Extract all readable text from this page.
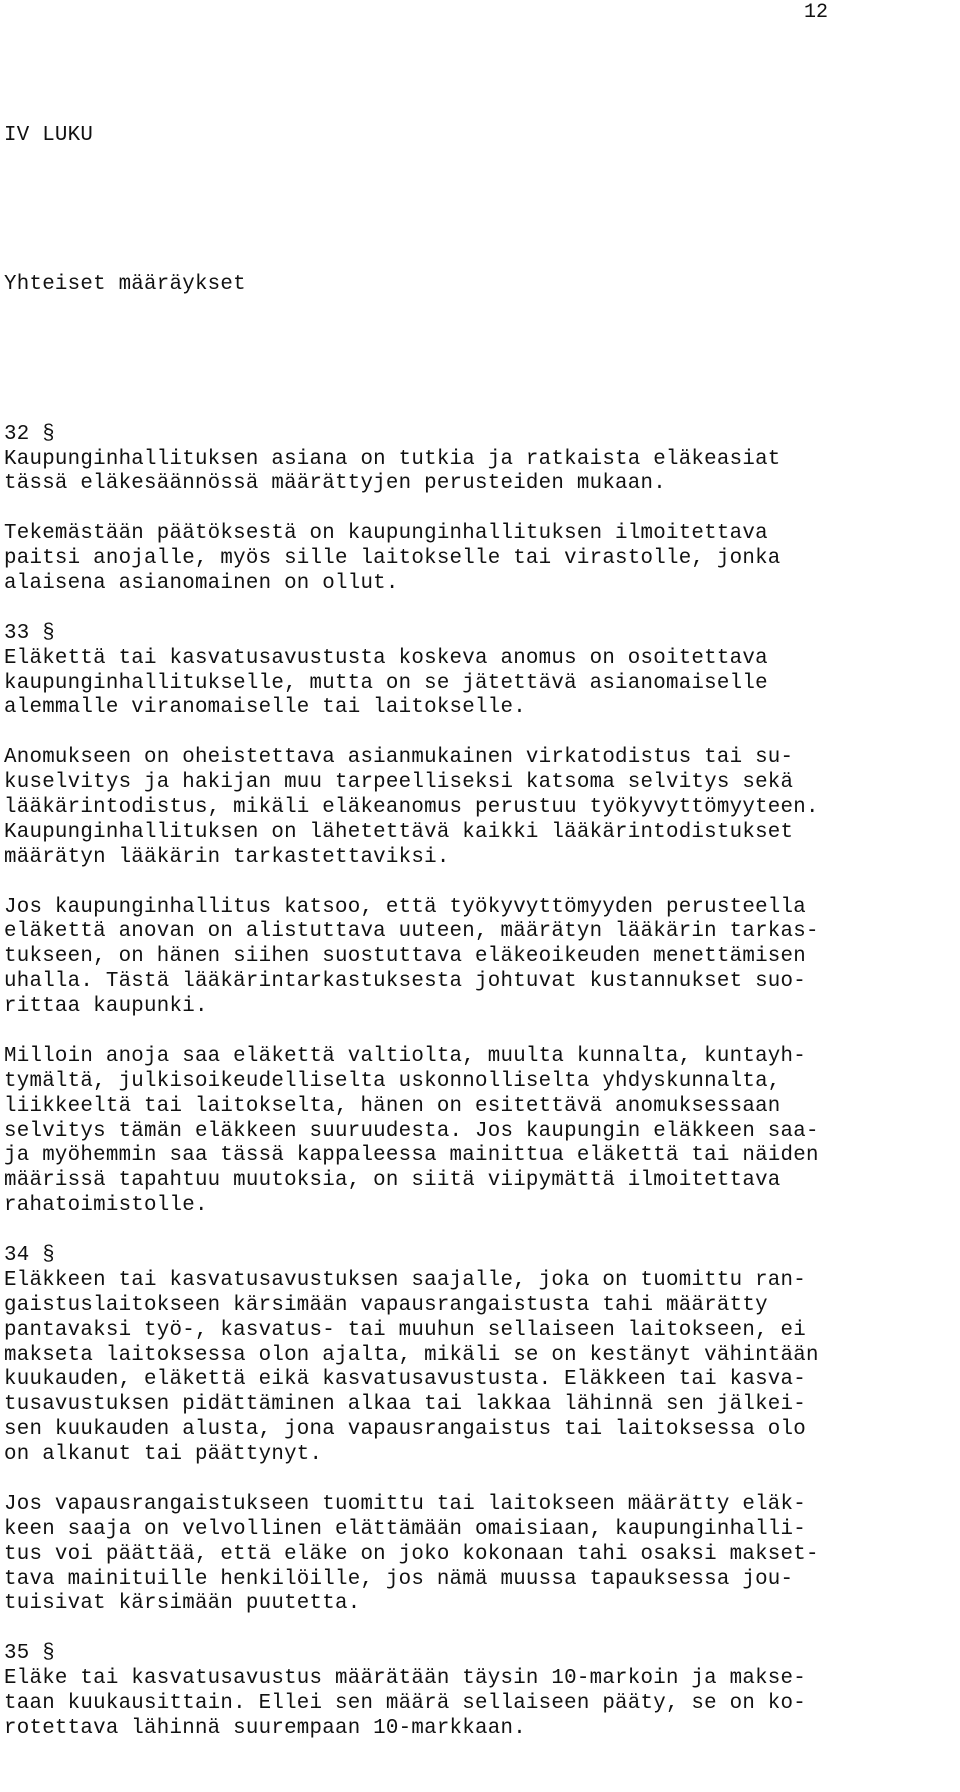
12

IV LUKU

Yhteiset määräykset

32 §
Kaupunginhallituksen asiana on tutkia ja ratkaista eläkeasiat
tässä eläkesäännössä määrättyjen perusteiden mukaan.
Tekemästään päätöksestä on kaupunginhallituksen ilmoitettava
paitsi anojalle, myös sille laitokselle tai virastolle, jonka
alaisena asianomainen on ollut.
33 §
Eläkettä tai kasvatusavustusta koskeva anomus on osoitettava
kaupunginhallitukselle, mutta on se jätettävä asianomaiselle
alemmalle viranomaiselle tai laitokselle.
Anomukseen on oheistettava asianmukainen virkatodistus tai su-
kuselvitys ja hakijan muu tarpeelliseksi katsoma selvitys sekä
lääkärintodistus, mikäli eläkeanomus perustuu työkyvyttömyyteen.
Kaupunginhallituksen on lähetettävä kaikki lääkärintodistukset
määrätyn lääkärin tarkastettaviksi.
Jos kaupunginhallitus katsoo, että työkyvyttömyyden perusteella
eläkettä anovan on alistuttava uuteen, määrätyn lääkärin tarkas-
tukseen, on hänen siihen suostuttava eläkeoikeuden menettämisen
uhalla. Tästä lääkärintarkastuksesta johtuvat kustannukset suo-
rittaa kaupunki.
Milloin anoja saa eläkettä valtiolta, muulta kunnalta, kuntayh-
tymältä, julkisoikeudelliselta uskonnolliselta yhdyskunnalta,
liikkeeltä tai laitokselta, hänen on esitettävä anomuksessaan
selvitys tämän eläkkeen suuruudesta. Jos kaupungin eläkkeen saa-
ja myöhemmin saa tässä kappaleessa mainittua eläkettä tai näiden
määrissä tapahtuu muutoksia, on siitä viipymättä ilmoitettava
rahatoimistolle.
34 §
Eläkkeen tai kasvatusavustuksen saajalle, joka on tuomittu ran-
gaistuslaitokseen kärsimään vapausrangaistusta tahi määrätty
pantavaksi työ-, kasvatus- tai muuhun sellaiseen laitokseen, ei
makseta laitoksessa olon ajalta, mikäli se on kestänyt vähintään
kuukauden, eläkettä eikä kasvatusavustusta. Eläkkeen tai kasva-
tusavustuksen pidättäminen alkaa tai lakkaa lähinnä sen jälkei-
sen kuukauden alusta, jona vapausrangaistus tai laitoksessa olo
on alkanut tai päättynyt.
Jos vapausrangaistukseen tuomittu tai laitokseen määrätty eläk-
keen saaja on velvollinen elättämään omaisiaan, kaupunginhalli-
tus voi päättää, että eläke on joko kokonaan tahi osaksi makset-
tava mainituille henkilöille, jos nämä muussa tapauksessa jou-
tuisivat kärsimään puutetta.
35 §
Eläke tai kasvatusavustus määrätään täysin 10-markoin ja makse-
taan kuukausittain. Ellei sen määrä sellaiseen pääty, se on ko-
rotettava lähinnä suurempaan 10-markkaan.
